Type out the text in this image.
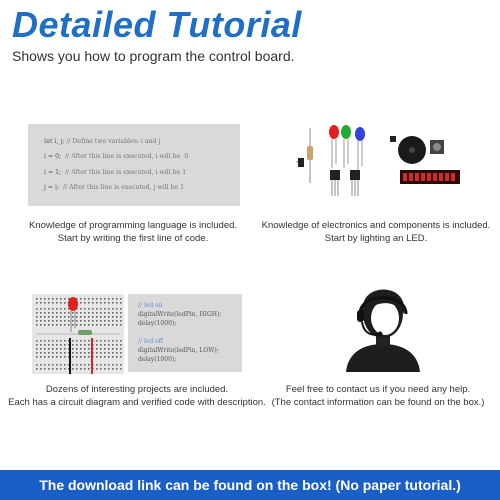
Detailed Tutorial
Shows you how to program the control board.
int i, j; // Define two variables: i and j
i = 0; // After this line is executed, i will be  0
i = 1; // After this line is executed, i will be 1
j = i; // After this line is executed, j will be 1
Knowledge of programming language is included.
Start by writing the first line of code.
Knowledge of electronics and components is included.
Start by lighting an LED.
// led on
digitalWrite(ledPin, HIGH);
delay(1000);
// led off
digitalWrite(ledPin, LOW);
delay(1000);
Dozens of interesting projects are included.
Each has a circuit diagram and verified code with description.
Feel free to contact us if you need any help.
(The contact information can be found on the box.)
The download link can be found on the box! (No paper tutorial.)
